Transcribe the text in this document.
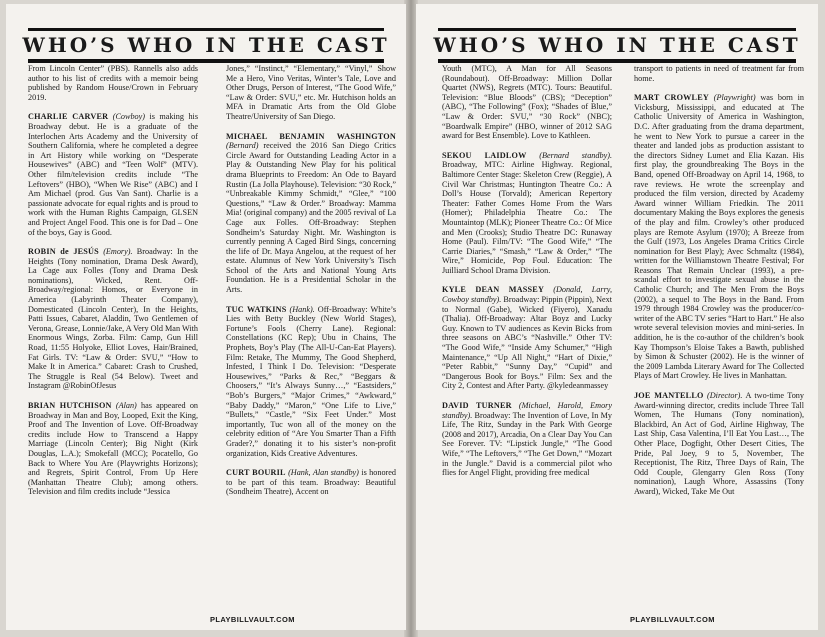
WHO’S WHO IN THE CAST

From Lincoln Center” (PBS). Rannells also adds author to his list of credits with a memoir being published by Random House/Crown in February 2019.

CHARLIE CARVER (Cowboy) is making his Broadway debut. He is a graduate of the Interlochen Arts Academy and the University of Southern California, where he completed a degree in Art History while working on “Desperate Housewives” (ABC) and “Teen Wolf” (MTV). Other film/television credits include “The Leftovers” (HBO), “When We Rise” (ABC) and I Am Michael (prod. Gus Van Sant). Charlie is a passionate advocate for equal rights and is proud to work with the Human Rights Campaign, GLSEN and Project Angel Food. This one is for Dad – One of the boys, Gay is Good.

ROBIN de JESÚS (Emory). Broadway: In the Heights (Tony nomination, Drama Desk Award), La Cage aux Folles (Tony and Drama Desk nominations), Wicked, Rent. Off-Broadway/regional: Homos, or Everyone in America (Labyrinth Theater Company), Domesticated (Lincoln Center), In the Heights, Patti Issues, Cabaret, Aladdin, Two Gentlemen of Verona, Grease, Lonnie/Jake, A Very Old Man With Enormous Wings, Zorba. Film: Camp, Gun Hill Road, 11:55 Holyoke, Elliot Loves, Hair/Brained, Fat Girls. TV: “Law & Order: SVU,” “How to Make It in America.” Cabaret: Crash to Crushed, The Struggle is Real (54 Below). Tweet and Instagram @RobinOfJesus

BRIAN HUTCHISON (Alan) has appeared on Broadway in Man and Boy, Looped, Exit the King, Proof and The Invention of Love. Off-Broadway credits include How to Transcend a Happy Marriage (Lincoln Center); Big Night (Kirk Douglas, L.A.); Smokefall (MCC); Pocatello, Go Back to Where You Are (Playwrights Horizons); and Regrets, Spirit Control, From Up Here (Manhattan Theatre Club); among others. Television and film credits include “Jessica

Jones,” “Instinct,” “Elementary,” “Vinyl,” Show Me a Hero, Vino Veritas, Winter’s Tale, Love and Other Drugs, Person of Interest, “The Good Wife,” “Law & Order: SVU,” etc. Mr. Hutchison holds an MFA in Dramatic Arts from the Old Globe Theatre/University of San Diego.

MICHAEL BENJAMIN WASHINGTON (Bernard) received the 2016 San Diego Critics Circle Award for Outstanding Leading Actor in a Play & Outstanding New Play for his political drama Blueprints to Freedom: An Ode to Bayard Rustin (La Jolla Playhouse). Television: “30 Rock,” “Unbreakable Kimmy Schmidt,” “Glee,” “100 Questions,” “Law & Order.” Broadway: Mamma Mia! (original company) and the 2005 revival of La Cage aux Folles. Off-Broadway: Stephen Sondheim’s Saturday Night. Mr. Washington is currently penning A Caged Bird Sings, concerning the life of Dr. Maya Angelou, at the request of her estate. Alumnus of New York University’s Tisch School of the Arts and National Young Arts Foundation. He is a Presidential Scholar in the Arts.

TUC WATKINS (Hank). Off-Broadway: White’s Lies with Betty Buckley (New World Stages), Fortune’s Fools (Cherry Lane). Regional: Constellations (KC Rep); Ubu in Chains, The Prophets, Boy’s Play (The All-U-Can-Eat Players). Film: Retake, The Mummy, The Good Shepherd, Infested, I Think I Do. Television: “Desperate Housewives,” “Parks & Rec,” “Beggars & Choosers,” “It’s Always Sunny…,” “Eastsiders,” “Bob’s Burgers,” “Major Crimes,” “Awkward,” “Baby Daddy,” “Maron,” “One Life to Live,” “Bullets,” “Castle,” “Six Feet Under.” Most importantly, Tuc won all of the money on the celebrity edition of “Are You Smarter Than a Fifth Grader?,” donating it to his sister’s non-profit organization, Kids Creative Adventures.

CURT BOURIL (Hank, Alan standby) is honored to be part of this team. Broadway: Beautiful (Sondheim Theatre), Accent on

PLAYBILLVAULT.COM
WHO’S WHO IN THE CAST

Youth (MTC), A Man for All Seasons (Roundabout). Off-Broadway: Million Dollar Quartet (NWS), Regrets (MTC). Tours: Beautiful. Television: “Blue Bloods” (CBS); “Deception” (ABC), “The Following” (Fox); “Shades of Blue,” “Law & Order: SVU,” “30 Rock” (NBC); “Boardwalk Empire” (HBO, winner of 2012 SAG award for Best Ensemble). Love to Kathleen.

SEKOU LAIDLOW (Bernard standby). Broadway, MTC: Airline Highway. Regional, Baltimore Center Stage: Skeleton Crew (Reggie), A Civil War Christmas; Huntington Theatre Co.: A Doll’s House (Torvald); American Repertory Theater: Father Comes Home From the Wars (Homer); Philadelphia Theatre Co.: The Mountaintop (MLK); Pioneer Theatre Co.: Of Mice and Men (Crooks); Studio Theatre DC: Runaway Home (Paul). Film/TV: “The Good Wife,” “The Carrie Diaries,” “Smash,” “Law & Order,” “The Wire,” Homicide, Pop Foul. Education: The Juilliard School Drama Division.

KYLE DEAN MASSEY (Donald, Larry, Cowboy standby). Broadway: Pippin (Pippin), Next to Normal (Gabe), Wicked (Fiyero), Xanadu (Thalia). Off-Broadway: Altar Boyz and Lucky Guy. Known to TV audiences as Kevin Bicks from three seasons on ABC’s “Nashville.” Other TV: “The Good Wife,” “Inside Amy Schumer,” “High Maintenance,” “Up All Night,” “Hart of Dixie,” “Peter Rabbit,” “Sunny Day,” “Cupid” and “Dangerous Book for Boys.” Film: Sex and the City 2, Contest and After Party. @kyledeanmassey

DAVID TURNER (Michael, Harold, Emory standby). Broadway: The Invention of Love, In My Life, The Ritz, Sunday in the Park With George (2008 and 2017), Arcadia, On a Clear Day You Can See Forever. TV: “Lipstick Jungle,” “The Good Wife,” “The Leftovers,” “The Get Down,” “Mozart in the Jungle.” David is a commercial pilot who flies for Angel Flight, providing free medical

transport to patients in need of treatment far from home.

MART CROWLEY (Playwright) was born in Vicksburg, Mississippi, and educated at The Catholic University of America in Washington, D.C. After graduating from the drama department, he went to New York to pursue a career in the theater and landed jobs as production assistant to the directors Sidney Lumet and Elia Kazan. His first play, the groundbreaking The Boys in the Band, opened Off-Broadway on April 14, 1968, to rave reviews. He wrote the screenplay and produced the film version, directed by Academy Award winner William Friedkin. The 2011 documentary Making the Boys explores the genesis of the play and film. Crowley’s other produced plays are Remote Asylum (1970); A Breeze from the Gulf (1973, Los Angeles Drama Critics Circle nomination for Best Play); Avec Schmaltz (1984), written for the Williamstown Theatre Festival; For Reasons That Remain Unclear (1993), a pre-scandal effort to investigate sexual abuse in the Catholic Church; and The Men From the Boys (2002), a sequel to The Boys in the Band. From 1979 through 1984 Crowley was the producer/co-writer of the ABC TV series “Hart to Hart.” He also wrote several television movies and mini-series. In addition, he is the co-author of the children’s book Kay Thompson’s Eloise Takes a Bawth, published by Simon & Schuster (2002). He is the winner of the 2009 Lambda Literary Award for The Collected Plays of Mart Crowley. He lives in Manhattan.

JOE MANTELLO (Director). A two-time Tony Award-winning director, credits include Three Tall Women, The Humans (Tony nomination), Blackbird, An Act of God, Airline Highway, The Last Ship, Casa Valentina, I’ll Eat You Last…, The Other Place, Dogfight, Other Desert Cities, The Pride, Pal Joey, 9 to 5, November, The Receptionist, The Ritz, Three Days of Rain, The Odd Couple, Glengarry Glen Ross (Tony nomination), Laugh Whore, Assassins (Tony Award), Wicked, Take Me Out

PLAYBILLVAULT.COM
